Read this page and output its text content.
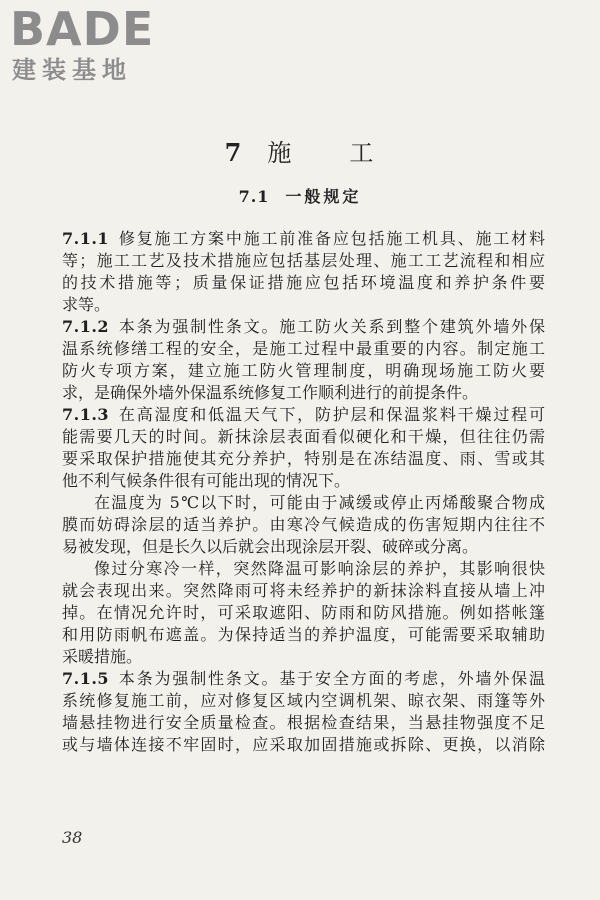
BADE
建装基地
7 施 工
7.1 一般规定
7.1.1 修复施工方案中施工前准备应包括施工机具、施工材料
等；施工工艺及技术措施应包括基层处理、施工工艺流程和相应
的技术措施等；质量保证措施应包括环境温度和养护条件要
求等。
7.1.2 本条为强制性条文。施工防火关系到整个建筑外墙外保
温系统修缮工程的安全，是施工过程中最重要的内容。制定施工
防火专项方案，建立施工防火管理制度，明确现场施工防火要
求，是确保外墙外保温系统修复工作顺利进行的前提条件。
7.1.3 在高湿度和低温天气下，防护层和保温浆料干燥过程可
能需要几天的时间。新抹涂层表面看似硬化和干燥，但往往仍需
要采取保护措施使其充分养护，特别是在冻结温度、雨、雪或其
他不利气候条件很有可能出现的情况下。
在温度为 5℃以下时，可能由于减缓或停止丙烯酸聚合物成
膜而妨碍涂层的适当养护。由寒冷气候造成的伤害短期内往往不
易被发现，但是长久以后就会出现涂层开裂、破碎或分离。
像过分寒冷一样，突然降温可影响涂层的养护，其影响很快
就会表现出来。突然降雨可将未经养护的新抹涂料直接从墙上冲
掉。在情况允许时，可采取遮阳、防雨和防风措施。例如搭帐篷
和用防雨帆布遮盖。为保持适当的养护温度，可能需要采取辅助
采暖措施。
7.1.5 本条为强制性条文。基于安全方面的考虑，外墙外保温
系统修复施工前，应对修复区域内空调机架、晾衣架、雨篷等外
墙悬挂物进行安全质量检查。根据检查结果，当悬挂物强度不足
或与墙体连接不牢固时，应采取加固措施或拆除、更换，以消除
38
